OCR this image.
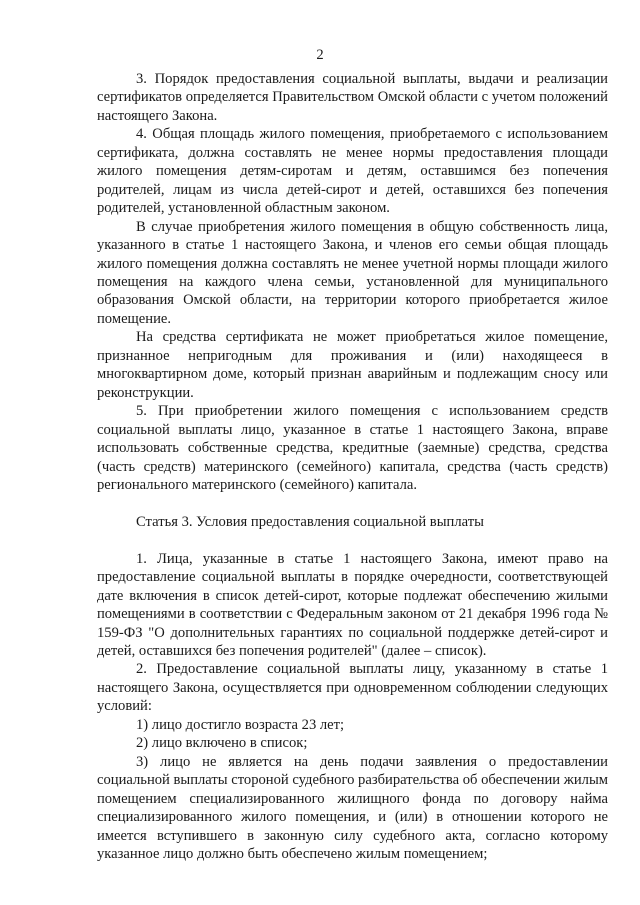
2

3. Порядок предоставления социальной выплаты, выдачи и реализации сертификатов определяется Правительством Омской области с учетом положений настоящего Закона.

4. Общая площадь жилого помещения, приобретаемого с использованием сертификата, должна составлять не менее нормы предоставления площади жилого помещения детям-сиротам и детям, оставшимся без попечения родителей, лицам из числа детей-сирот и детей, оставшихся без попечения родителей, установленной областным законом.

В случае приобретения жилого помещения в общую собственность лица, указанного в статье 1 настоящего Закона, и членов его семьи общая площадь жилого помещения должна составлять не менее учетной нормы площади жилого помещения на каждого члена семьи, установленной для муниципального образования Омской области, на территории которого приобретается жилое помещение.

На средства сертификата не может приобретаться жилое помещение, признанное непригодным для проживания и (или) находящееся в многоквартирном доме, который признан аварийным и подлежащим сносу или реконструкции.

5. При приобретении жилого помещения с использованием средств социальной выплаты лицо, указанное в статье 1 настоящего Закона, вправе использовать собственные средства, кредитные (заемные) средства, средства (часть средств) материнского (семейного) капитала, средства (часть средств) регионального материнского (семейного) капитала.

Статья 3. Условия предоставления социальной выплаты

1. Лица, указанные в статье 1 настоящего Закона, имеют право на предоставление социальной выплаты в порядке очередности, соответствующей дате включения в список детей-сирот, которые подлежат обеспечению жилыми помещениями в соответствии с Федеральным законом от 21 декабря 1996 года № 159-ФЗ "О дополнительных гарантиях по социальной поддержке детей-сирот и детей, оставшихся без попечения родителей" (далее – список).

2. Предоставление социальной выплаты лицу, указанному в статье 1 настоящего Закона, осуществляется при одновременном соблюдении следующих условий:

1) лицо достигло возраста 23 лет;

2) лицо включено в список;

3) лицо не является на день подачи заявления о предоставлении социальной выплаты стороной судебного разбирательства об обеспечении жилым помещением специализированного жилищного фонда по договору найма специализированного жилого помещения, и (или) в отношении которого не имеется вступившего в законную силу судебного акта, согласно которому указанное лицо должно быть обеспечено жилым помещением;
